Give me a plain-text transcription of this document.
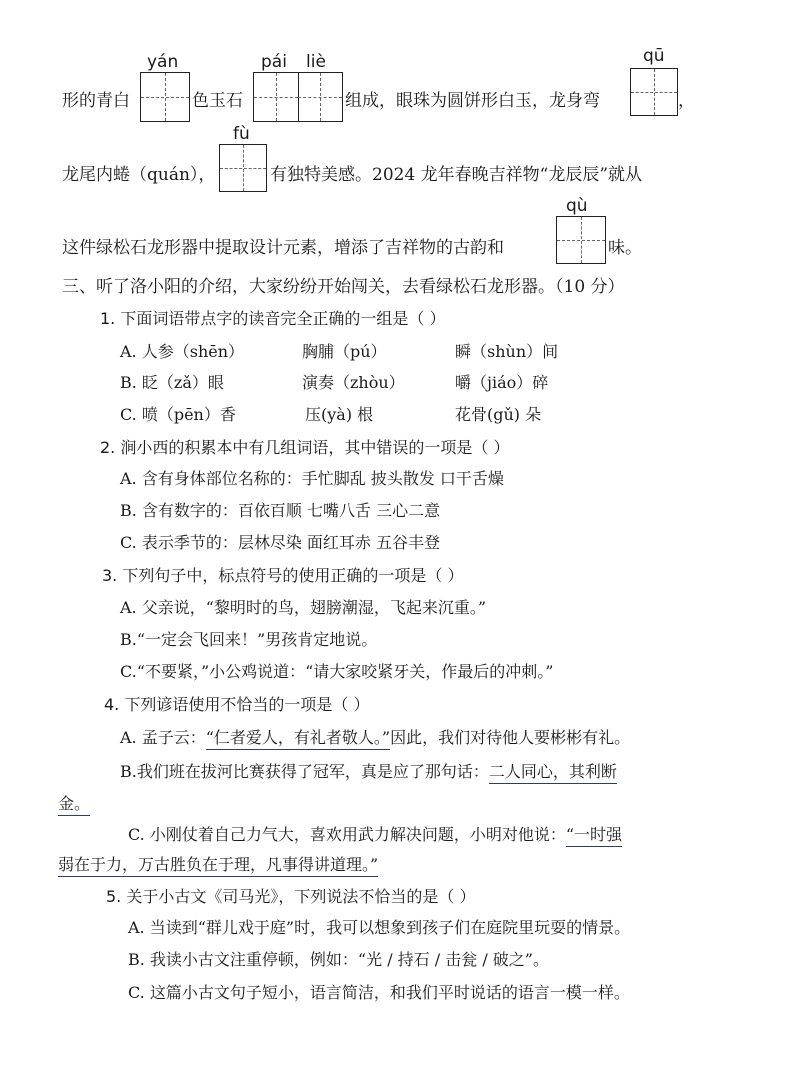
yán	pái liè	qū
形的青白	色玉石	组成，眼珠为圆饼形白玉，龙身弯	，
fù
龙尾内蜷（quán），	有独特美感。2024 龙年春晚吉祥物“龙辰辰”就从
qù
这件绿松石龙形器中提取设计元素，增添了吉祥物的古韵和	味。
三、听了洛小阳的介绍，大家纷纷开始闯关，去看绿松石龙形器。（10 分）
1. 下面词语带点字的读音完全正确的一组是（ ）
A. 人参（shēn）	胸脯（pú）	瞬（shùn）间
B. 眨（zǎ）眼	演奏（zhòu）	嚼（jiáo）碎
C. 喷（pēn）香	压(yà) 根	花骨(gǔ) 朵
2. 涧小西的积累本中有几组词语，其中错误的一项是（ ）
A. 含有身体部位名称的：手忙脚乱 披头散发 口干舌燥
B. 含有数字的：百依百顺 七嘴八舌 三心二意
C. 表示季节的：层林尽染 面红耳赤 五谷丰登
3. 下列句子中，标点符号的使用正确的一项是（ ）
A. 父亲说，“黎明时的鸟，翅膀潮湿，飞起来沉重。”
B.“一定会飞回来！”男孩肯定地说。
C.“不要紧，”小公鸡说道：“请大家咬紧牙关，作最后的冲刺。”
4. 下列谚语使用不恰当的一项是（ ）
A. 孟子云：“仁者爱人，有礼者敬人。”因此，我们对待他人要彬彬有礼。
B.我们班在拔河比赛获得了冠军，真是应了那句话：二人同心，其利断
金。
C. 小刚仗着自己力气大，喜欢用武力解决问题，小明对他说：“一时强
弱在于力，万古胜负在于理，凡事得讲道理。”
5. 关于小古文《司马光》，下列说法不恰当的是（ ）
A. 当读到“群儿戏于庭”时，我可以想象到孩子们在庭院里玩耍的情景。
B. 我读小古文注重停顿，例如：“光 / 持石 / 击瓮 / 破之”。
C. 这篇小古文句子短小，语言简洁，和我们平时说话的语言一模一样。
